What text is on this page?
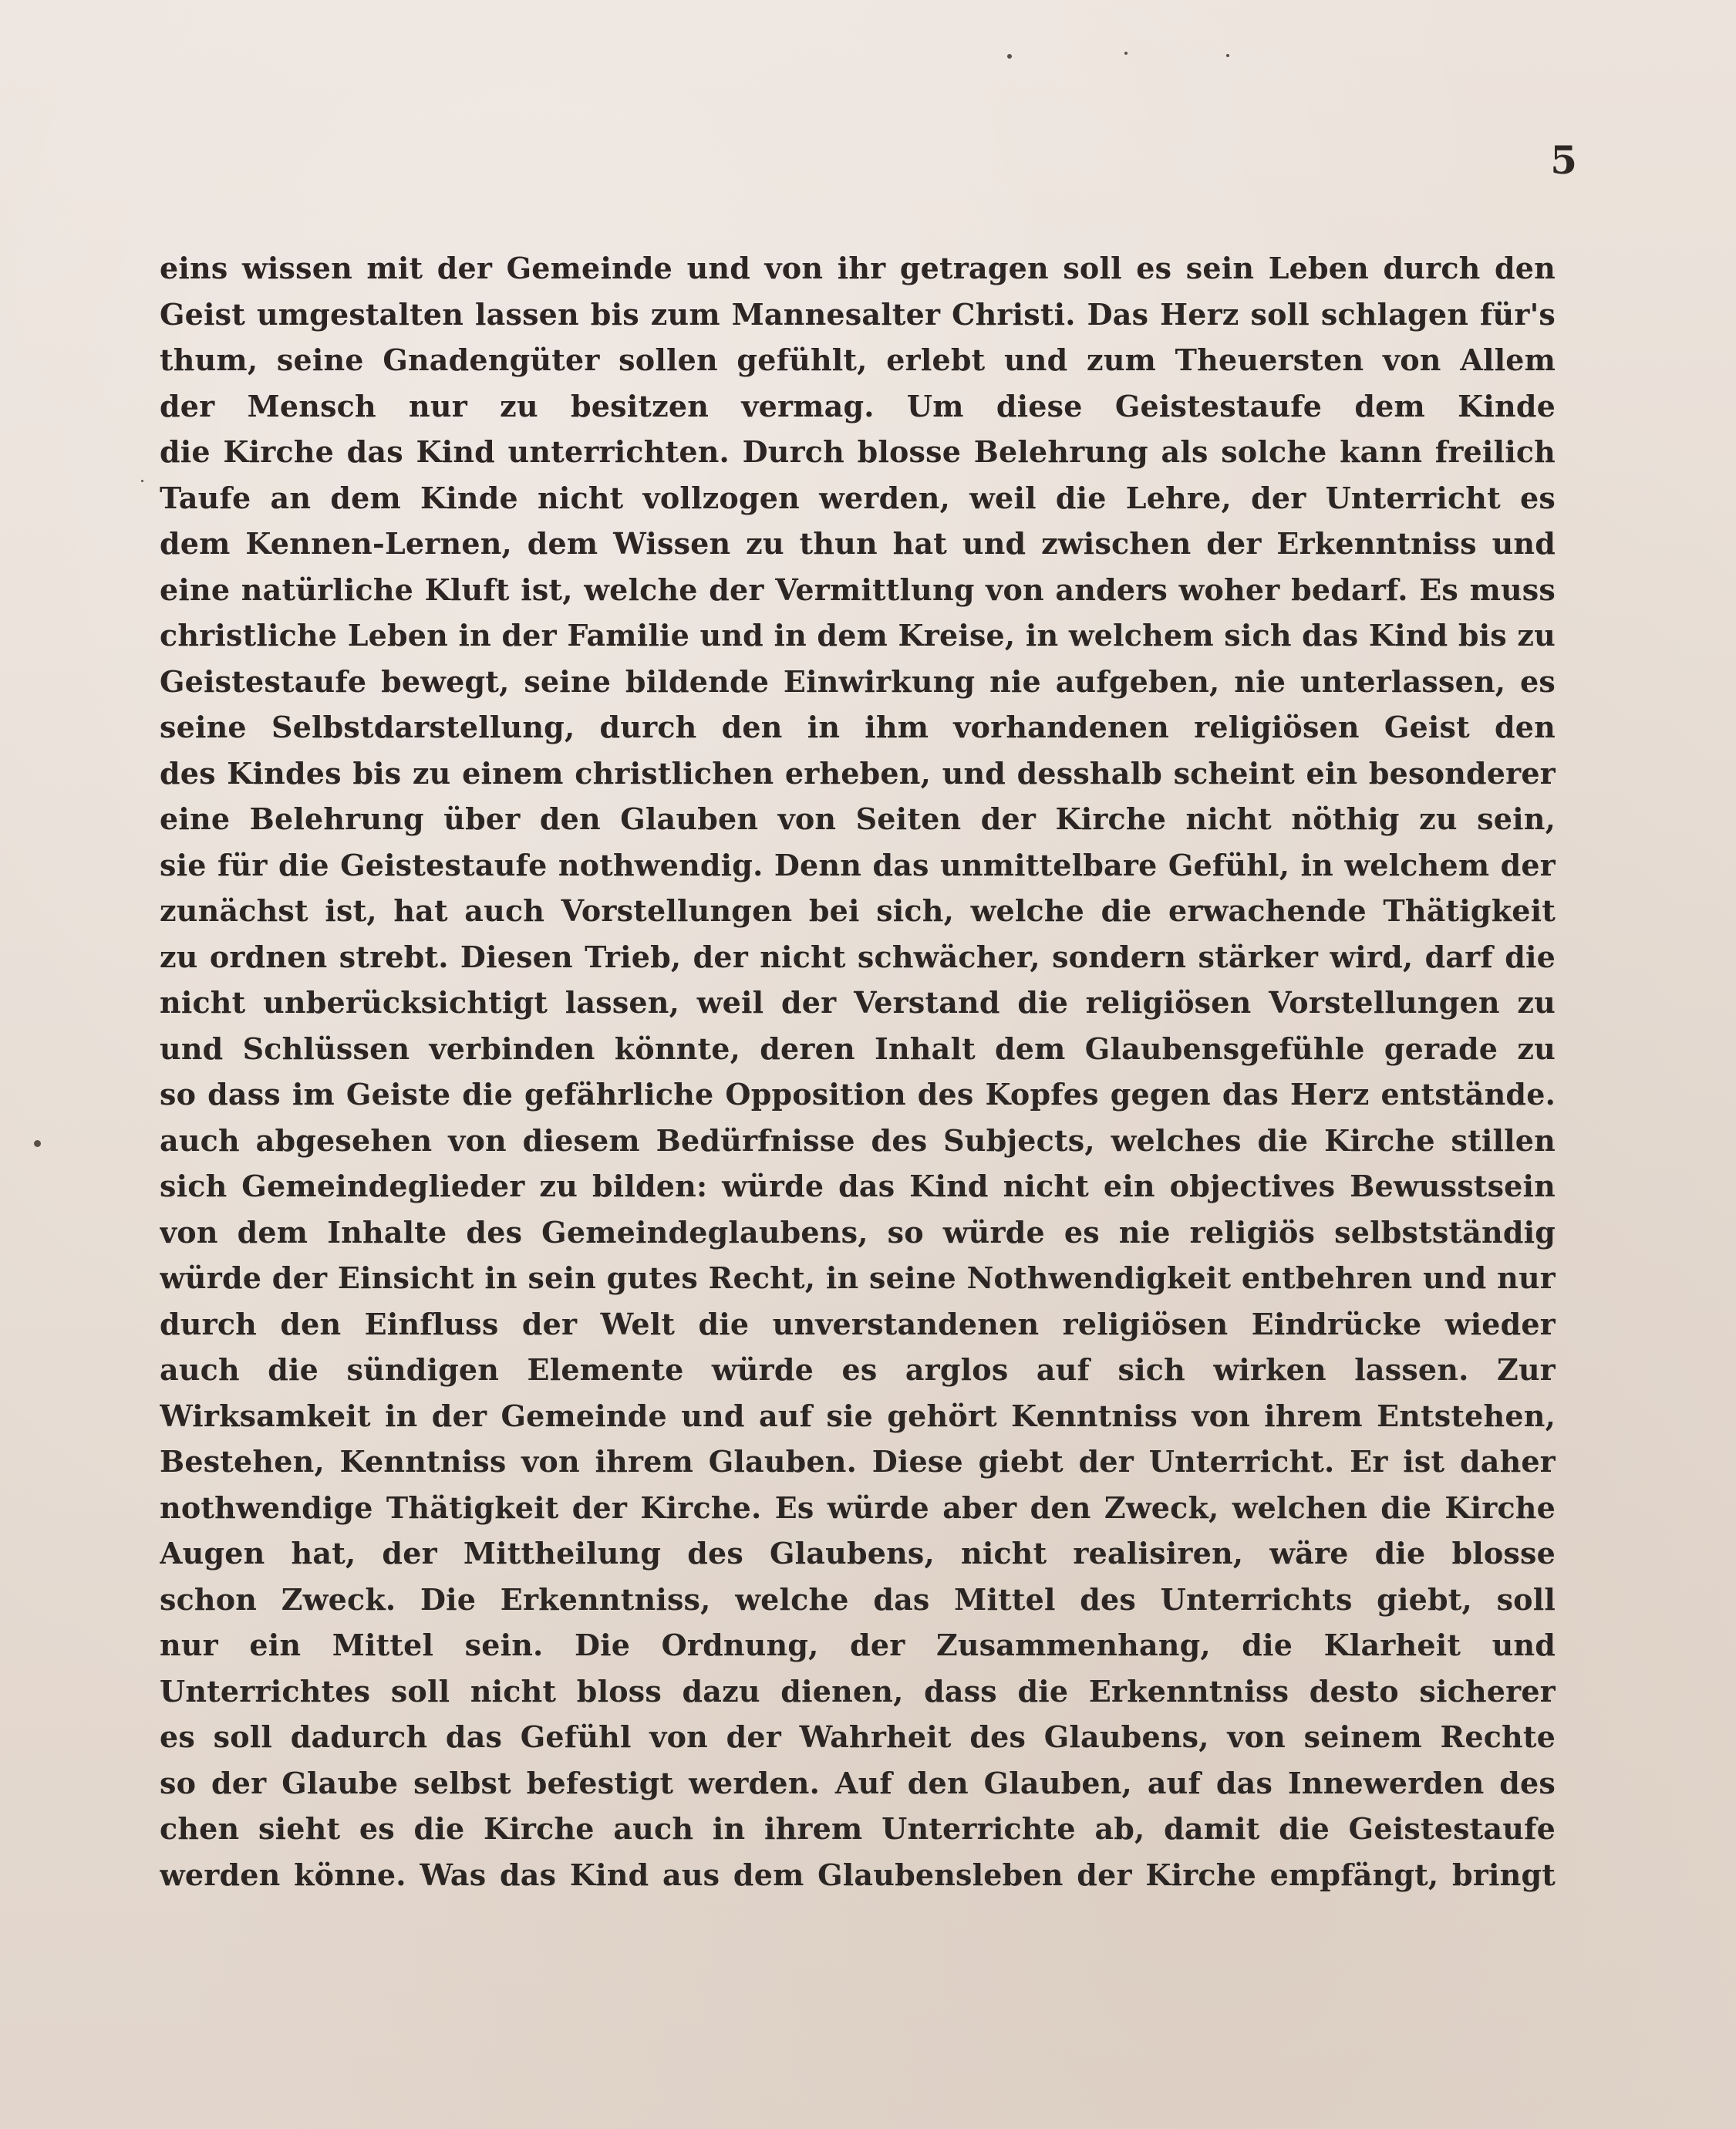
5
eins wissen mit der Gemeinde und von ihr getragen soll es sein Leben durch den
Geist umgestalten lassen bis zum Mannesalter Christi. Das Herz soll schlagen für's
thum, seine Gnadengüter sollen gefühlt, erlebt und zum Theuersten von Allem
der Mensch nur zu besitzen vermag. Um diese Geistestaufe dem Kinde
die Kirche das Kind unterrichten. Durch blosse Belehrung als solche kann freilich
Taufe an dem Kinde nicht vollzogen werden, weil die Lehre, der Unterricht es
dem Kennen-Lernen, dem Wissen zu thun hat und zwischen der Erkenntniss und
eine natürliche Kluft ist, welche der Vermittlung von anders woher bedarf. Es muss
christliche Leben in der Familie und in dem Kreise, in welchem sich das Kind bis zu
Geistestaufe bewegt, seine bildende Einwirkung nie aufgeben, nie unterlassen, es
seine Selbstdarstellung, durch den in ihm vorhandenen religiösen Geist den
des Kindes bis zu einem christlichen erheben, und desshalb scheint ein besonderer
eine Belehrung über den Glauben von Seiten der Kirche nicht nöthig zu sein,
sie für die Geistestaufe nothwendig. Denn das unmittelbare Gefühl, in welchem der
zunächst ist, hat auch Vorstellungen bei sich, welche die erwachende Thätigkeit
zu ordnen strebt. Diesen Trieb, der nicht schwächer, sondern stärker wird, darf die
nicht unberücksichtigt lassen, weil der Verstand die religiösen Vorstellungen zu
und Schlüssen verbinden könnte, deren Inhalt dem Glaubensgefühle gerade zu
so dass im Geiste die gefährliche Opposition des Kopfes gegen das Herz entstände.
auch abgesehen von diesem Bedürfnisse des Subjects, welches die Kirche stillen
sich Gemeindeglieder zu bilden: würde das Kind nicht ein objectives Bewusstsein
von dem Inhalte des Gemeindeglaubens, so würde es nie religiös selbstständig
würde der Einsicht in sein gutes Recht, in seine Nothwendigkeit entbehren und nur
durch den Einfluss der Welt die unverstandenen religiösen Eindrücke wieder
auch die sündigen Elemente würde es arglos auf sich wirken lassen. Zur
Wirksamkeit in der Gemeinde und auf sie gehört Kenntniss von ihrem Entstehen,
Bestehen, Kenntniss von ihrem Glauben. Diese giebt der Unterricht. Er ist daher
nothwendige Thätigkeit der Kirche. Es würde aber den Zweck, welchen die Kirche
Augen hat, der Mittheilung des Glaubens, nicht realisiren, wäre die blosse
schon Zweck. Die Erkenntniss, welche das Mittel des Unterrichts giebt, soll
nur ein Mittel sein. Die Ordnung, der Zusammenhang, die Klarheit und
Unterrichtes soll nicht bloss dazu dienen, dass die Erkenntniss desto sicherer
es soll dadurch das Gefühl von der Wahrheit des Glaubens, von seinem Rechte
so der Glaube selbst befestigt werden. Auf den Glauben, auf das Innewerden des
chen sieht es die Kirche auch in ihrem Unterrichte ab, damit die Geistestaufe
werden könne. Was das Kind aus dem Glaubensleben der Kirche empfängt, bringt
